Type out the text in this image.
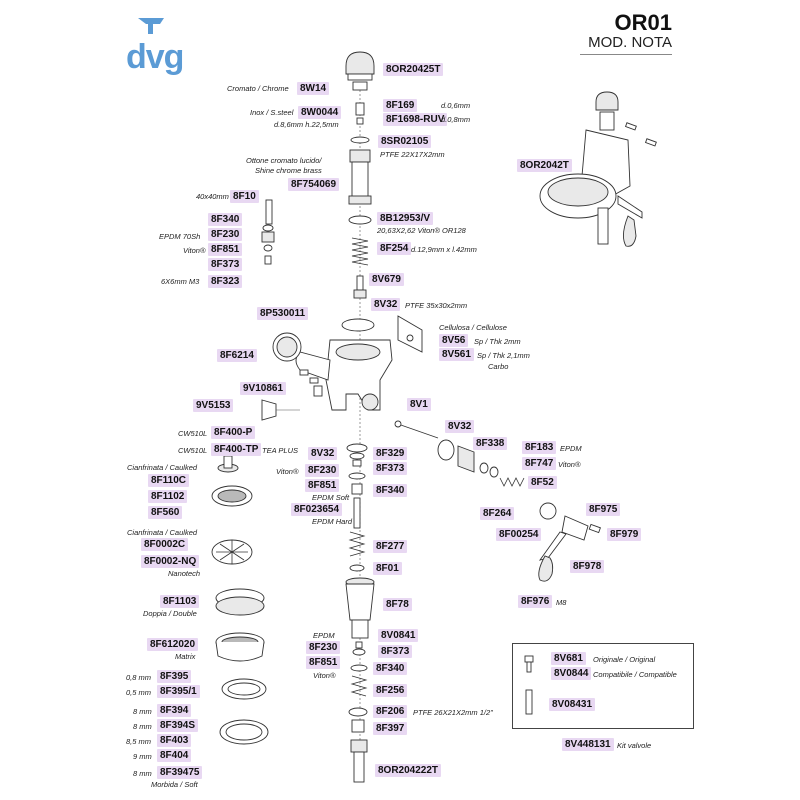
dvg
OR01
MOD. NOTA
8OR20425T
Cromato / Chrome	8W14
Inox / S.steel 8W0044
d.8,6mm h.22,5mm
8F169	d.0,6mm
8F1698-RUV
d.0,8mm
8SR02105
PTFE 22X17X2mm
Ottone cromato lucido/
Shine chrome brass
8F754069
8OR2042T
40x40mm 8F10
8F340
EPDM 70Sh	8F230
Viton® 8F851
8F373
6X6mm M3	8F323
8B12953/V
20,63X2,62 Viton® OR128
8F254 d.12,9mm x l.42mm
8V679
8P530011
8V32	PTFE 35x30x2mm
Cellulosa / Cellulose
8V56	Sp / Thk 2mm
8V561 Sp / Thk 2,1mm
Carbo
8F6214
9V10861
9V5153	8V1
CW510L 8F400-P
8V32
8F338
CW510L 8F400-TP TEA PLUS	8F183 EPDM
8F747 Viton®
8V32	8F329
Viton® 8F230	8F373
8F851
EPDM Soft
8F340
8F023654
EPDM Hard
Cianfrinata / Caulked
8F110C
8F1102
8F560
8F52
8F264	8F975
8F00254	8F979
Cianfrinata / Caulked
8F0002C
8F0002-NQ
Nanotech
8F277
8F978
8F01
8F1103
Doppia / Double
8F78	8F976 M8
8F612020
Matrix
EPDM	8V0841
8F230	8F373
8F851
Viton®
8F340
8V681	Originale / Original
8V0844 Compatibile / Compatible
0,8 mm 8F395
0,5 mm 8F395/1	8F256
8V08431
8 mm 8F394	8F206	PTFE 26X21X2mm 1/2"
8 mm 8F394S	8F397
8,5 mm 8F403	8V448131 Kit valvole
9 mm 8F404
8OR204222T
8 mm 8F39475
Morbida / Soft
